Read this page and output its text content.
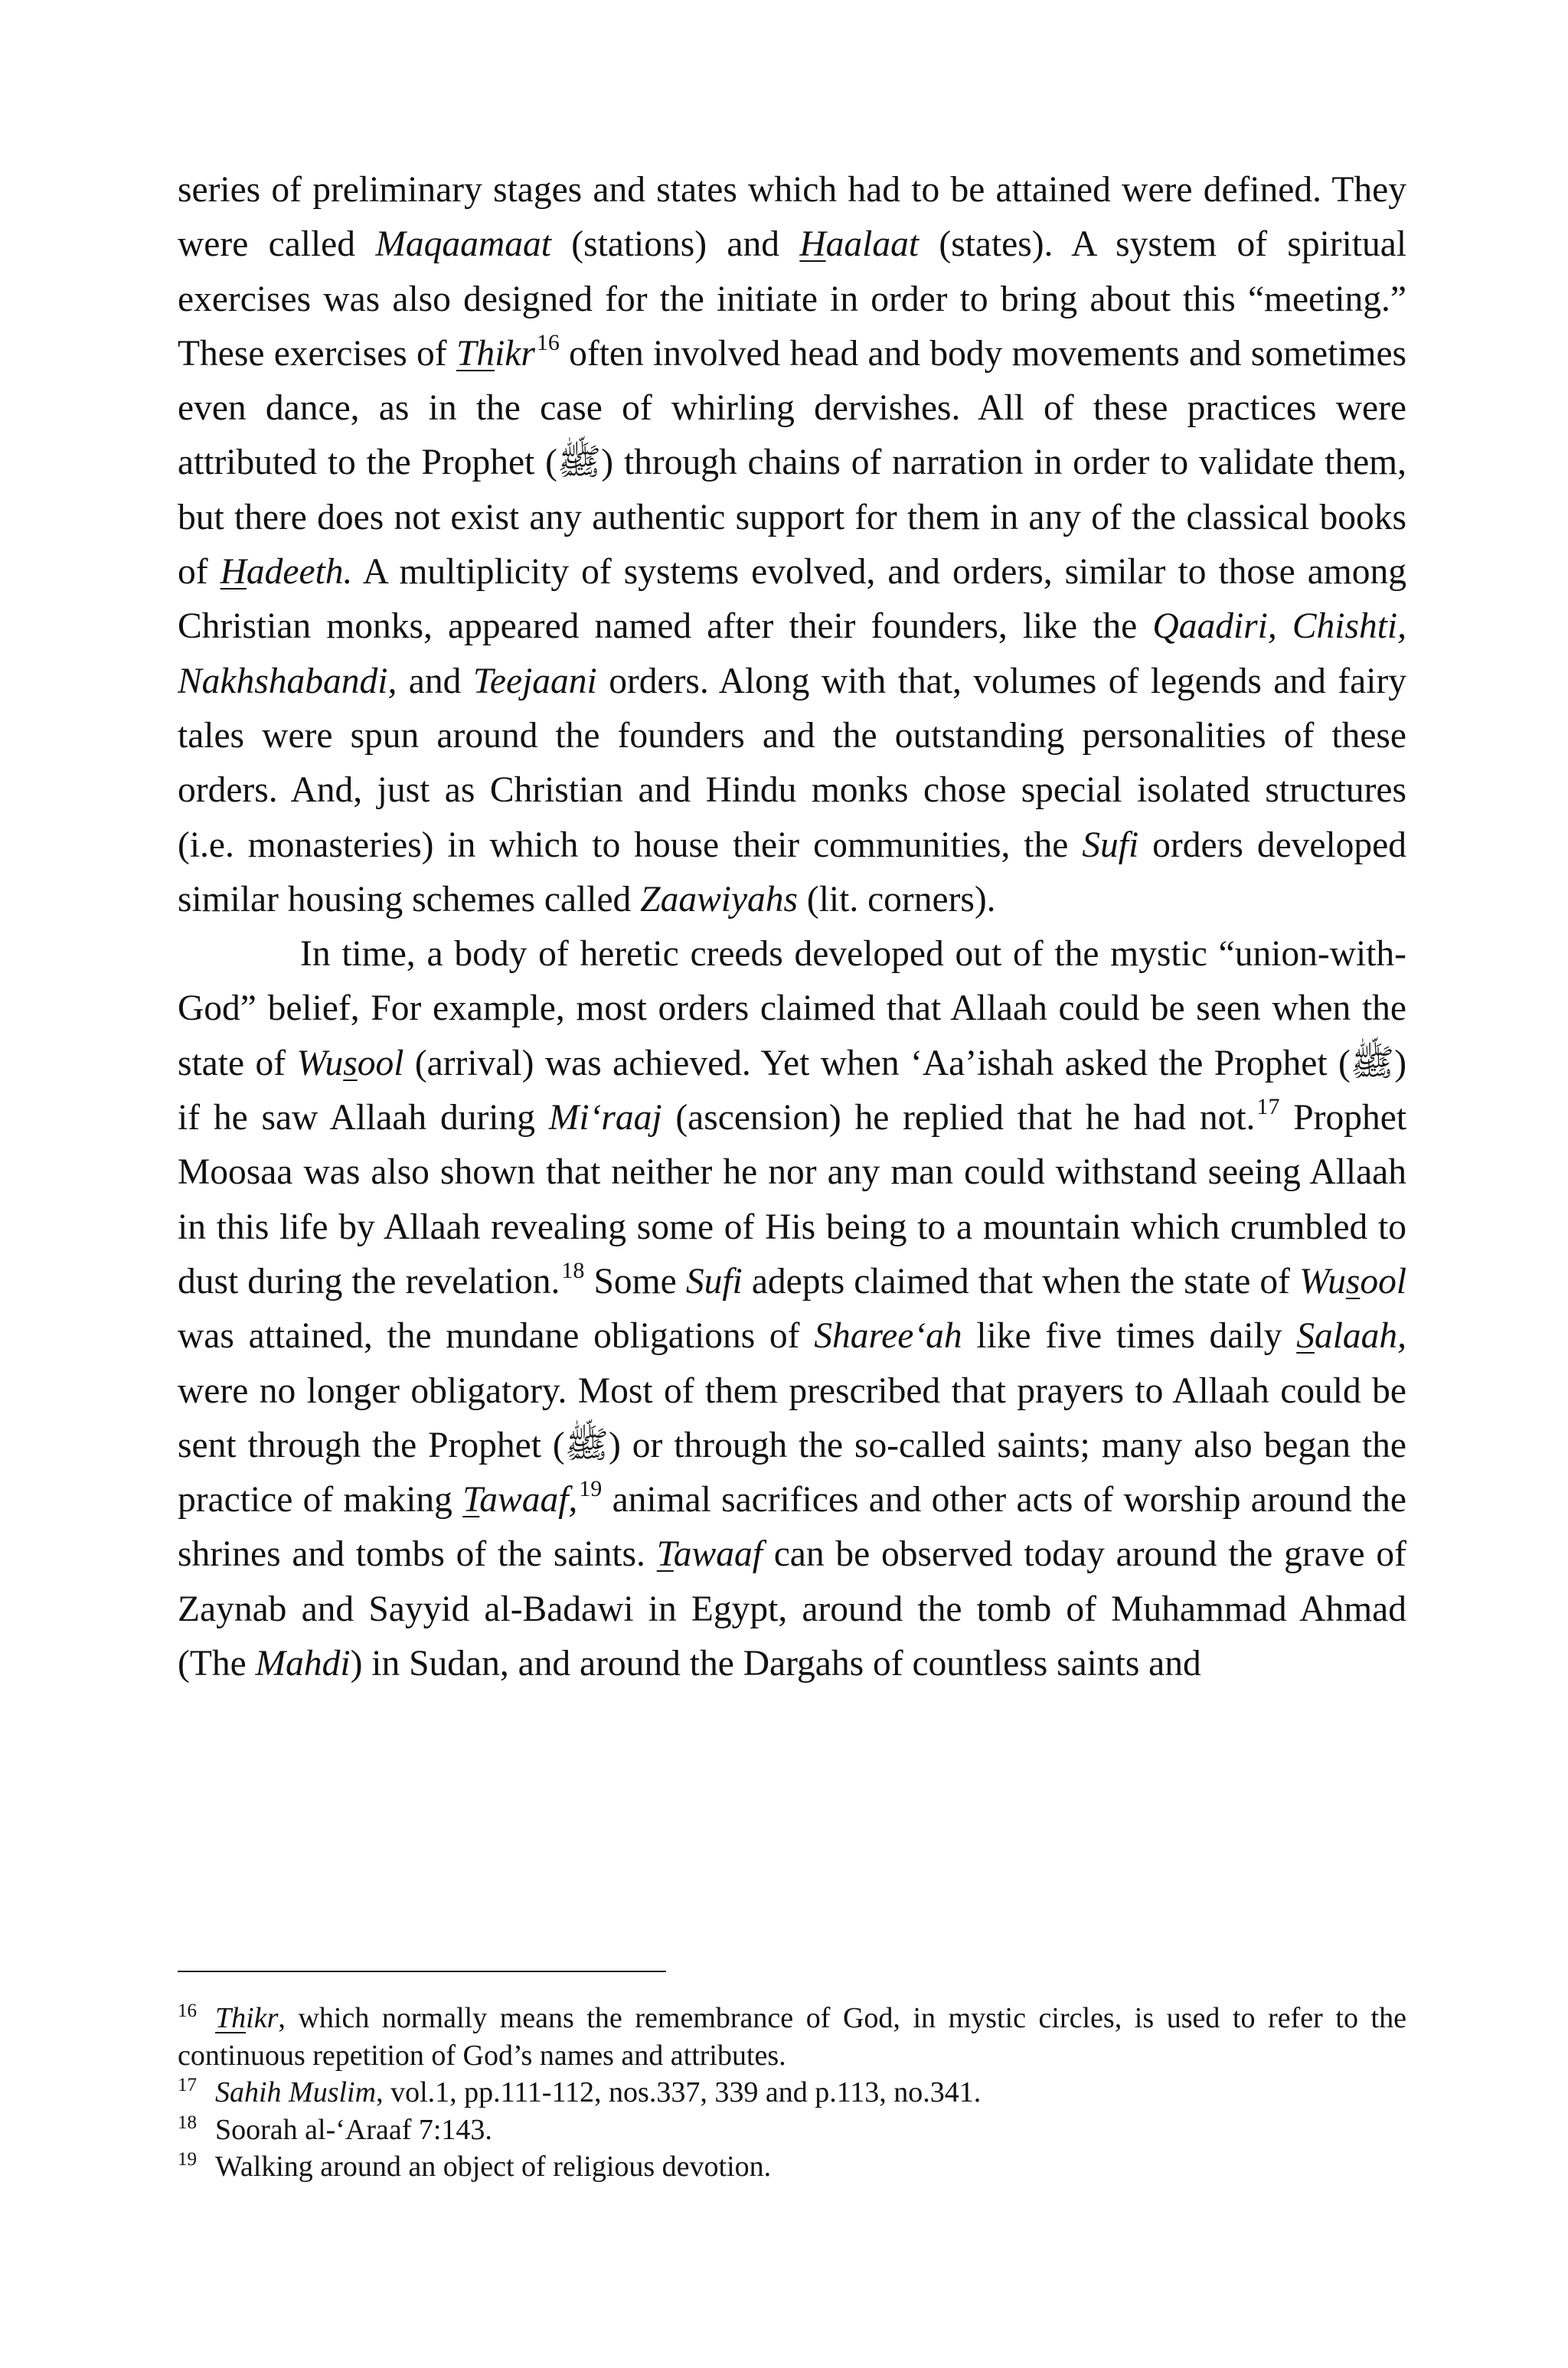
series of preliminary stages and states which had to be attained were defined. They were called Maqaamaat (stations) and Haalaat (states). A system of spiritual exercises was also designed for the initiate in order to bring about this “meeting.” These exercises of Thikr$^{16}$ often involved head and body movements and sometimes even dance, as in the case of whirling dervishes. All of these practices were attributed to the Prophet (ﷺ) through chains of narration in order to validate them, but there does not exist any authentic support for them in any of the classical books of Hadeeth. A multiplicity of systems evolved, and orders, similar to those among Christian monks, appeared named after their founders, like the Qaadiri, Chishti, Nakhshabandi, and Teejaani orders. Along with that, volumes of legends and fairy tales were spun around the founders and the outstanding personalities of these orders. And, just as Christian and Hindu monks chose special isolated structures (i.e. monasteries) in which to house their communities, the Sufi orders developed similar housing schemes called Zaawiyahs (lit. corners).

In time, a body of heretic creeds developed out of the mystic “union-with-God” belief, For example, most orders claimed that Allaah could be seen when the state of Wusool (arrival) was achieved. Yet when ‘Aa’ishah asked the Prophet (ﷺ) if he saw Allaah during Mi‘raaj (ascension) he replied that he had not.$^{17}$ Prophet Moosaa was also shown that neither he nor any man could withstand seeing Allaah in this life by Allaah revealing some of His being to a mountain which crumbled to dust during the revelation.$^{18}$ Some Sufi adepts claimed that when the state of Wusool was attained, the mundane obligations of Sharee‘ah like five times daily Salaah, were no longer obligatory. Most of them prescribed that prayers to Allaah could be sent through the Prophet (ﷺ) or through the so-called saints; many also began the practice of making Tawaaf,$^{19}$ animal sacrifices and other acts of worship around the shrines and tombs of the saints. Tawaaf can be observed today around the grave of Zaynab and Sayyid al-Badawi in Egypt, around the tomb of Muhammad Ahmad (The Mahdi) in Sudan, and around the Dargahs of countless saints and

$^{16}$ Thikr, which normally means the remembrance of God, in mystic circles, is used to refer to the continuous repetition of God’s names and attributes.

$^{17}$ Sahih Muslim, vol.1, pp.111-112, nos.337, 339 and p.113, no.341.

$^{18}$ Soorah al-‘Araaf 7:143.

$^{19}$ Walking around an object of religious devotion.
